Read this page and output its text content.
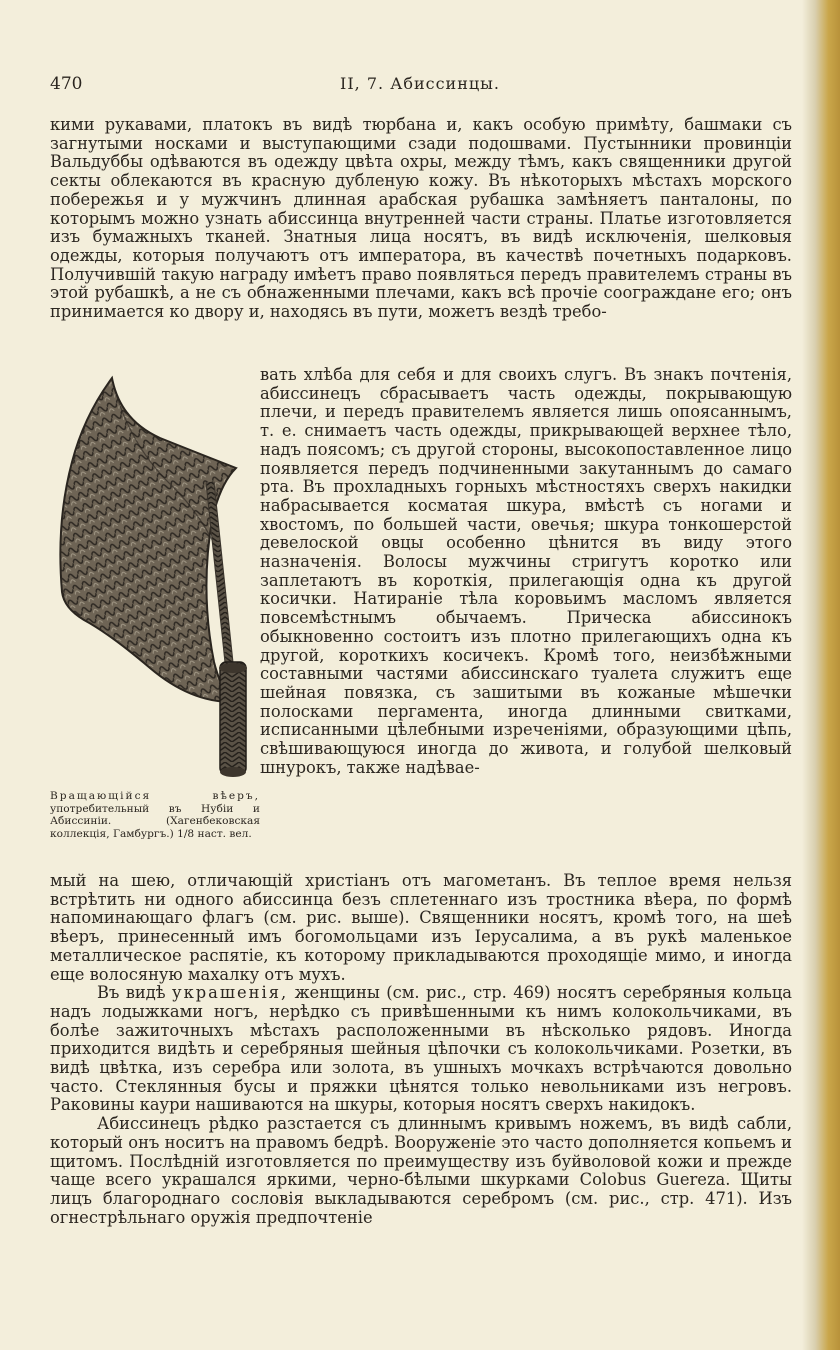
470	II, 7. Абиссинцы.

кими рукавами, платокъ въ видѣ тюрбана и, какъ особую примѣту, башмаки съ загнутыми носками и выступающими сзади подошвами. Пустынники провинціи Вальдуббы одѣваются въ одежду цвѣта охры, между тѣмъ, какъ священники другой секты облекаются въ красную дубленую кожу. Въ нѣкоторыхъ мѣстахъ морского побережья и у мужчинъ длинная арабская рубашка замѣняетъ панталоны, по которымъ можно узнать абиссинца внутренней части страны. Платье изготовляется изъ бумажныхъ тканей. Знатныя лица носятъ, въ видѣ исключенія, шелковыя одежды, которыя получаютъ отъ императора, въ качествѣ почетныхъ подарковъ. Получившій такую награду имѣетъ право появляться передъ правителемъ страны въ этой рубашкѣ, а не съ обнаженными плечами, какъ всѣ прочіе соограждане его; онъ принимается ко двору и, находясь въ пути, можетъ вездѣ требо-

вать хлѣба для себя и для своихъ слугъ. Въ знакъ почтенія, абиссинецъ сбрасываетъ часть одежды, покрывающую плечи, и передъ правителемъ является лишь опоясаннымъ, т. е. снимаетъ часть одежды, прикрывающей верхнее тѣло, надъ поясомъ; съ другой стороны, высокопоставленное лицо появляется передъ подчиненными закутаннымъ до самаго рта. Въ прохладныхъ горныхъ мѣстностяхъ сверхъ накидки набрасывается косматая шкура, вмѣстѣ съ ногами и хвостомъ, по большей части, овечья; шкура тонкошерстой девелоской овцы особенно цѣнится въ виду этого назначенія. Волосы мужчины стригутъ коротко или заплетаютъ въ короткія, прилегающія одна къ другой косички. Натираніе тѣла коровьимъ масломъ является повсемѣстнымъ обычаемъ. Прическа абиссинокъ обыкновенно состоитъ изъ плотно прилегающихъ одна къ другой, короткихъ косичекъ. Кромѣ того, неизбѣжными составными частями абиссинскаго туалета служитъ еще шейная повязка, съ зашитыми въ кожаные мѣшечки полосками пергамента, иногда длинными свитками, исписанными цѣлебными изреченіями, образующими цѣпь, свѣшивающуюся иногда до живота, и голубой шелковый шнурокъ, также надѣвае-

Вращающійся вѣеръ, употребительный въ Нубіи и Абиссиніи. (Хагенбековская коллекція, Гамбургъ.) 1/8 наст. вел.

мый на шею, отличающій христіанъ отъ магометанъ. Въ теплое время нельзя встрѣтить ни одного абиссинца безъ сплетеннаго изъ тростника вѣера, по формѣ напоминающаго флагъ (см. рис. выше). Священники носятъ, кромѣ того, на шеѣ вѣеръ, принесенный имъ богомольцами изъ Іерусалима, а въ рукѣ маленькое металлическое распятіе, къ которому прикладываются проходящіе мимо, и иногда еще волосяную махалку отъ мухъ.

Въ видѣ украшенія, женщины (см. рис., стр. 469) носятъ серебряныя кольца надъ лодыжками ногъ, нерѣдко съ привѣшенными къ нимъ колокольчиками, въ болѣе зажиточныхъ мѣстахъ расположенными въ нѣсколько рядовъ. Иногда приходится видѣть и серебряныя шейныя цѣпочки съ колокольчиками. Розетки, въ видѣ цвѣтка, изъ серебра или золота, въ ушныхъ мочкахъ встрѣчаются довольно часто. Стеклянныя бусы и пряжки цѣнятся только невольниками изъ негровъ. Раковины каури нашиваются на шкуры, которыя носятъ сверхъ накидокъ.

Абиссинецъ рѣдко разстается съ длиннымъ кривымъ ножемъ, въ видѣ сабли, который онъ носитъ на правомъ бедрѣ. Вооруженіе это часто дополняется копьемъ и щитомъ. Послѣдній изготовляется по преимуществу изъ буйволовой кожи и прежде чаще всего украшался яркими, черно-бѣлыми шкурками Colobus Guereza. Щиты лицъ благороднаго сословія выкладываются серебромъ (см. рис., стр. 471). Изъ огнестрѣльнаго оружія предпочтеніе
